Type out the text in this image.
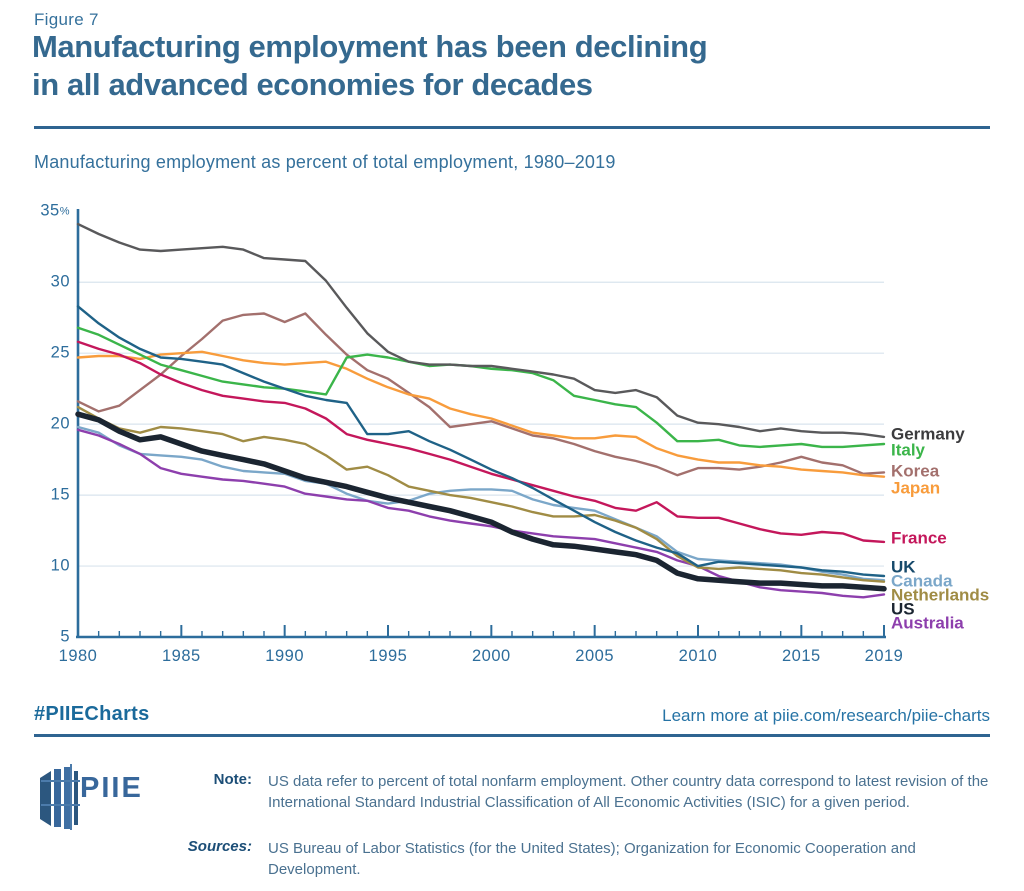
Figure 7
Manufacturing employment has been declining
in all advanced economies for decades
Manufacturing employment as percent of total employment, 1980–2019
35%
30
25
20
15
10
5
1980	1985	1990	1995	2000	2005	2010	2015	2019
Germany
Italy
Korea
Japan
France
UK
Canada
Netherlands
US
Australia
#PIIECharts	Learn more at piie.com/research/piie-charts
PIIE	Note: US data refer to percent of total nonfarm employment. Other country data correspond to latest revision of the International Standard Industrial Classification of All Economic Activities (ISIC) for a given period.
Sources: US Bureau of Labor Statistics (for the United States); Organization for Economic Cooperation and Development.
